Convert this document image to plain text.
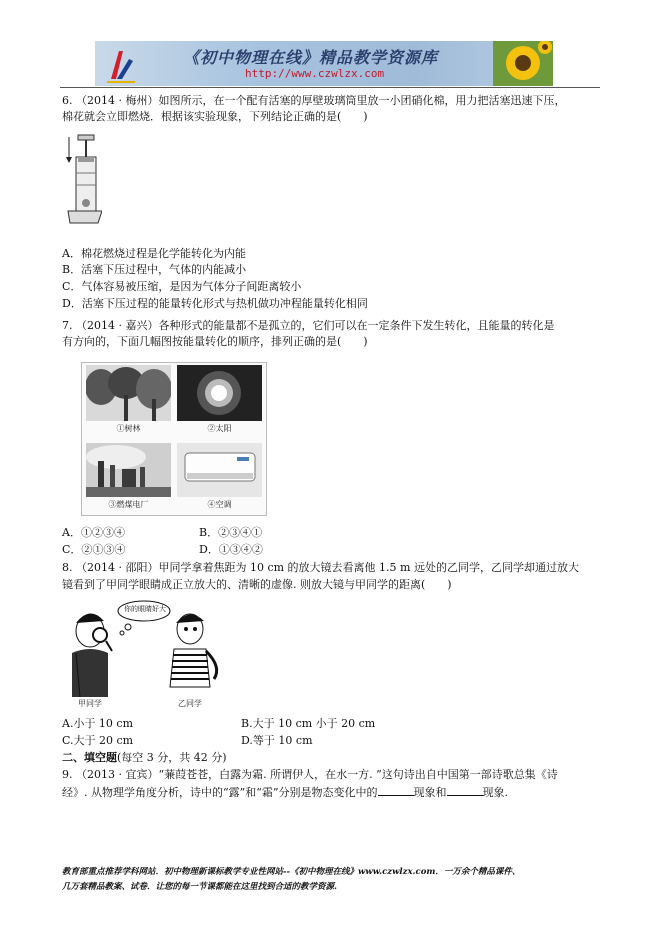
《初中物理在线》精品教学资源库
http://www.czwlzx.com
6. （2014 · 梅州）如图所示，在一个配有活塞的厚壁玻璃筒里放一小团硝化棉，用力把活塞迅速下压，
棉花就会立即燃烧．根据该实验现象，下列结论正确的是(　　)
A．棉花燃烧过程是化学能转化为内能
B．活塞下压过程中，气体的内能减小
C．气体容易被压缩，是因为气体分子间距离较小
D．活塞下压过程的能量转化形式与热机做功冲程能量转化相同
7. （2014 · 嘉兴）各种形式的能量都不是孤立的，它们可以在一定条件下发生转化，且能量的转化是
有方向的，下面几幅图按能量转化的顺序，排列正确的是(　　)
①树林	②太阳
③燃煤电厂	④空调
A．①②③④	B．②③④①
C．②①③④	D．①③④②
8. （2014 · 邵阳）甲同学拿着焦距为 10 cm 的放大镜去看离他 1.5 m 远处的乙同学，乙同学却通过放大
镜看到了甲同学眼睛成正立放大的、清晰的虚像. 则放大镜与甲同学的距离(　　)
你的眼睛好大
甲同学	乙同学
A.小于 10 cm	B.大于 10 cm 小于 20 cm
C.大于 20 cm	D.等于 10 cm
二、填空题(每空 3 分，共 42 分)
9. （2013 · 宜宾）“蒹葭苍苍，白露为霜. 所谓伊人，在水一方. ”这句诗出自中国第一部诗歌总集《诗
经》. 从物理学角度分析，诗中的“露”和“霜”分别是物态变化中的	现象和	现象.
教育部重点推荐学科网站．初中物理新课标教学专业性网站--《初中物理在线》www.czwlzx.com．一万余个精品课件、
几万套精品教案、试卷．让您的每一节课都能在这里找到合适的教学资源.
